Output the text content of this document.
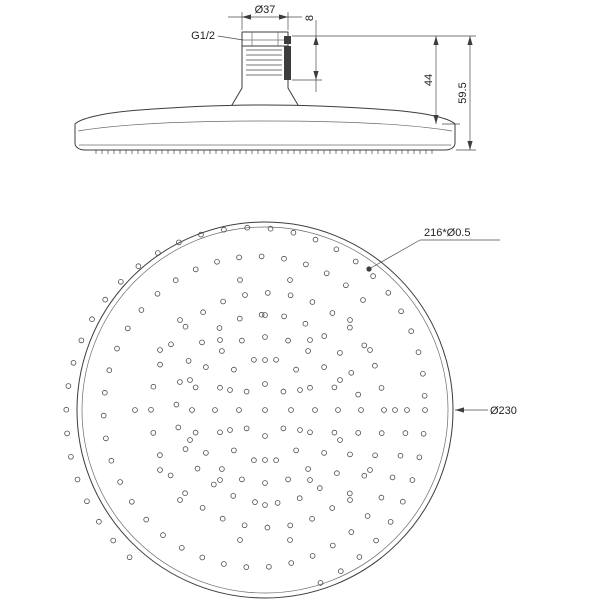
Ø37
G1/2
8
44
59.5
216*Ø0.5
Ø230
